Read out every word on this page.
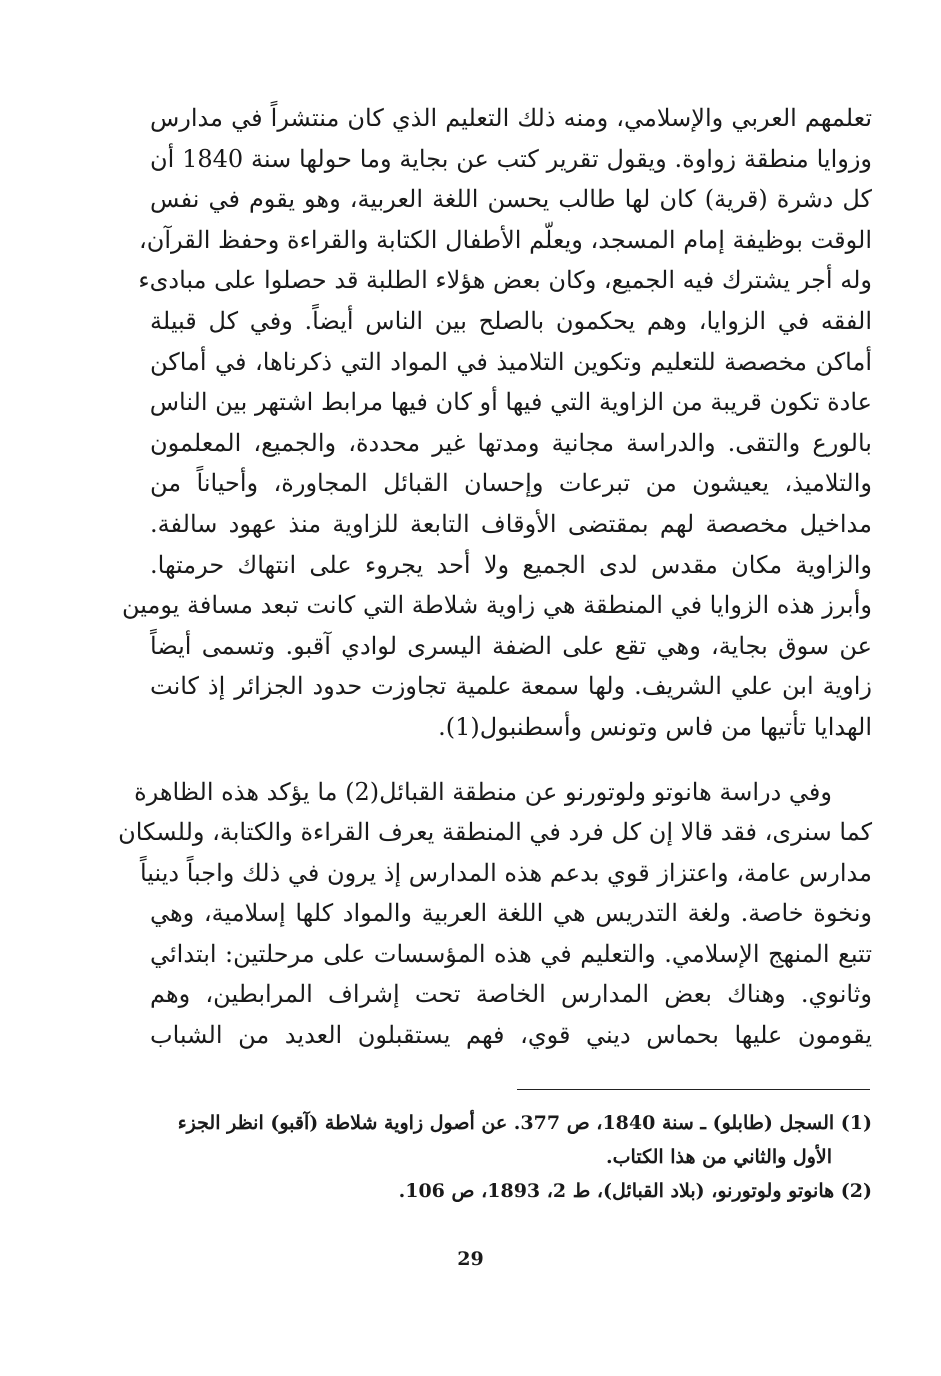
تعلمهم العربي والإسلامي، ومنه ذلك التعليم الذي كان منتشراً في مدارس
وزوايا منطقة زواوة. ويقول تقرير كتب عن بجاية وما حولها سنة 1840 أن
كل دشرة (قرية) كان لها طالب يحسن اللغة العربية، وهو يقوم في نفس
الوقت بوظيفة إمام المسجد، ويعلّم الأطفال الكتابة والقراءة وحفظ القرآن،
وله أجر يشترك فيه الجميع، وكان بعض هؤلاء الطلبة قد حصلوا على مبادىء
الفقه في الزوايا، وهم يحكمون بالصلح بين الناس أيضاً. وفي كل قبيلة
أماكن مخصصة للتعليم وتكوين التلاميذ في المواد التي ذكرناها، في أماكن
عادة تكون قريبة من الزاوية التي فيها أو كان فيها مرابط اشتهر بين الناس
بالورع والتقى. والدراسة مجانية ومدتها غير محددة، والجميع، المعلمون
والتلاميذ، يعيشون من تبرعات وإحسان القبائل المجاورة، وأحياناً من
مداخيل مخصصة لهم بمقتضى الأوقاف التابعة للزاوية منذ عهود سالفة.
والزاوية مكان مقدس لدى الجميع ولا أحد يجروء على انتهاك حرمتها.
وأبرز هذه الزوايا في المنطقة هي زاوية شلاطة التي كانت تبعد مسافة يومين
عن سوق بجاية، وهي تقع على الضفة اليسرى لوادي آقبو. وتسمى أيضاً
زاوية ابن علي الشريف. ولها سمعة علمية تجاوزت حدود الجزائر إذ كانت
الهدايا تأتيها من فاس وتونس وأسطنبول(1).
وفي دراسة هانوتو ولوتورنو عن منطقة القبائل(2) ما يؤكد هذه الظاهرة
كما سنرى، فقد قالا إن كل فرد في المنطقة يعرف القراءة والكتابة، وللسكان
مدارس عامة، واعتزاز قوي بدعم هذه المدارس إذ يرون في ذلك واجباً دينياً
ونخوة خاصة. ولغة التدريس هي اللغة العربية والمواد كلها إسلامية، وهي
تتبع المنهج الإسلامي. والتعليم في هذه المؤسسات على مرحلتين: ابتدائي
وثانوي. وهناك بعض المدارس الخاصة تحت إشراف المرابطين، وهم
يقومون عليها بحماس ديني قوي، فهم يستقبلون العديد من الشباب
(1) السجل (طابلو) ـ سنة 1840، ص 377. عن أصول زاوية شلاطة (آقبو) انظر الجزء
الأول والثاني من هذا الكتاب.
(2) هانوتو ولوتورنو، (بلاد القبائل)، ط 2، 1893، ص 106.
29
